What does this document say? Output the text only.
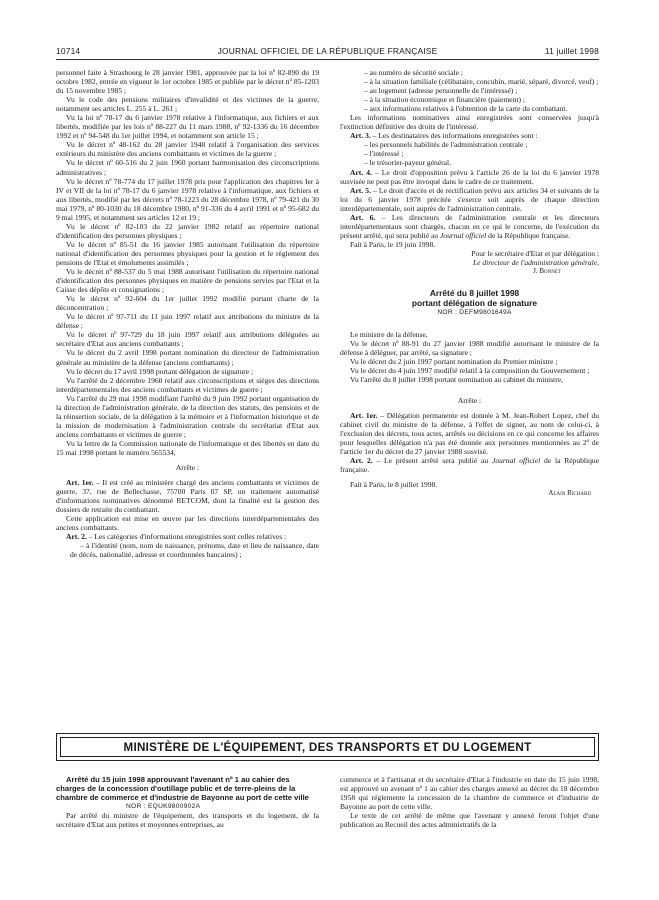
10714	JOURNAL OFFICIEL DE LA RÉPUBLIQUE FRANÇAISE	11 juillet 1998

personnel faite à Strasbourg le 28 janvier 1981, approuvée par la loi nº 82-890 du 19 octobre 1982, entrée en vigueur le 1er octobre 1985 et publiée par le décret nº 85-1203 du 15 novembre 1985 ;

Vu le code des pensions militaires d'invalidité et des victimes de la guerre, notamment ses articles L. 255 à L. 261 ;

Vu la loi nº 78-17 du 6 janvier 1978 relative à l'informatique, aux fichiers et aux libertés, modifiée par les lois nº 88-227 du 11 mars 1988, nº 92-1336 du 16 décembre 1992 et nº 94-548 du 1er juillet 1994, et notamment son article 15 ;

Vu le décret nº 48-162 du 28 janvier 1948 relatif à l'organisation des services extérieurs du ministère des anciens combattants et victimes de la guerre ;

Vu le décret nº 60-516 du 2 juin 1960 portant harmonisation des circonscriptions administratives ;

Vu le décret nº 78-774 du 17 juillet 1978 pris pour l'application des chapitres Ier à IV et VII de la loi nº 78-17 du 6 janvier 1978 relative à l'informatique, aux fichiers et aux libertés, modifié par les décrets nº 78-1223 du 28 décembre 1978, nº 79-421 du 30 mai 1979, nº 80-1030 du 18 décembre 1980, nº 91-336 du 4 avril 1991 et nº 95-682 du 9 mai 1995, et notamment ses articles 12 et 19 ;

Vu le décret nº 82-103 du 22 janvier 1982 relatif au répertoire national d'identification des personnes physiques ;

Vu le décret nº 85-51 du 16 janvier 1985 autorisant l'utilisation du répertoire national d'identification des personnes physiques pour la gestion et le règlement des pensions de l'Etat et émoluments assimilés ;

Vu le décret nº 88-537 du 5 mai 1988 autorisant l'utilisation du répertoire national d'identification des personnes physiques en matière de pensions servies par l'Etat et la Caisse des dépôts et consignations ;

Vu le décret nº 92-604 du 1er juillet 1992 modifié portant charte de la déconcentration ;

Vu le décret nº 97-711 du 11 juin 1997 relatif aux attributions du ministre de la défense ;

Vu le décret nº 97-729 du 18 juin 1997 relatif aux attributions déléguées au secrétaire d'Etat aux anciens combattants ;

Vu le décret du 2 avril 1998 portant nomination du directeur de l'administration générale au ministère de la défense (anciens combattants) ;

Vu le décret du 17 avril 1998 portant délégation de signature ;

Vu l'arrêté du 2 décembre 1960 relatif aux circonscriptions et sièges des directions interdépartementales des anciens combattants et victimes de guerre ;

Vu l'arrêté du 29 mai 1998 modifiant l'arrêté du 9 juin 1992 portant organisation de la direction de l'administration générale, de la direction des statuts, des pensions et de la réinsertion sociale, de la délégation à la mémoire et à l'information historique et de la mission de modernisation à l'administration centrale du secrétariat d'Etat aux anciens combattants et victimes de guerre ;

Vu la lettre de la Commission nationale de l'informatique et des libertés en date du 15 mai 1998 portant le numéro 565534,

Arrête :

Art. 1er. – Il est créé au ministère chargé des anciens combattants et victimes de guerre, 37, rue de Bellechasse, 75700 Paris 07 SP, un traitement automatisé d'informations nominatives dénommé RETCOM, dont la finalité est la gestion des dossiers de retraite du combattant.

Cette application est mise en œuvre par les directions interdépartementales des anciens combattants.

Art. 2. – Les catégories d'informations enregistrées sont celles relatives :

– à l'identité (nom, nom de naissance, prénoms, date et lieu de naissance, date de décès, nationalité, adresse et coordonnées bancaires) ;

– au numéro de sécurité sociale ;

– à la situation familiale (célibataire, concubin, marié, séparé, divorcé, veuf) ;

– au logement (adresse personnelle de l'intéressé) ;

– à la situation économique et financière (paiement) ;

– aux informations relatives à l'obtention de la carte du combattant.

Les informations nominatives ainsi enregistrées sont conservées jusqu'à l'extinction définitive des droits de l'intéressé.

Art. 3. – Les destinataires des informations enregistrées sont :

– les personnels habilités de l'administration centrale ;

– l'intéressé ;

– le trésorier-payeur général.

Art. 4. – Le droit d'opposition prévu à l'article 26 de la loi du 6 janvier 1978 susvisée ne peut pas être invoqué dans le cadre de ce traitement.

Art. 5. – Le droit d'accès et de rectification prévu aux articles 34 et suivants de la loi du 6 janvier 1978 précitée s'exerce soit auprès de chaque direction interdépartementale, soit auprès de l'administration centrale.

Art. 6. – Les directeurs de l'administration centrale et les directeurs interdépartementaux sont chargés, chacun en ce qui le concerne, de l'exécution du présent arrêté, qui sera publié au Journal officiel de la République française.

Fait à Paris, le 19 juin 1998.

Pour le secrétaire d'Etat et par délégation :

Le directeur de l'administration générale,

J. Bonnet

Arrêté du 8 juillet 1998

portant délégation de signature

NOR : DEFM9801649A

Le ministre de la défense,

Vu le décret nº 88-91 du 27 janvier 1988 modifié autorisant le ministre de la défense à déléguer, par arrêté, sa signature ;

Vu le décret du 2 juin 1997 portant nomination du Premier ministre ;

Vu le décret du 4 juin 1997 modifié relatif à la composition du Gouvernement ;

Vu l'arrêté du 8 juillet 1998 portant nomination au cabinet du ministre,

Arrête :

Art. 1er. – Délégation permanente est donnée à M. Jean-Robert Lopez, chef du cabinet civil du ministre de la défense, à l'effet de signer, au nom de celui-ci, à l'exclusion des décrets, tous actes, arrêtés ou décisions en ce qui concerne les affaires pour lesquelles délégation n'a pas été donnée aux personnes mentionnées au 2º de l'article 1er du décret du 27 janvier 1988 susvisé.

Art. 2. – Le présent arrêté sera publié au Journal officiel de la République française.

Fait à Paris, le 8 juillet 1998.

Alain Richard

MINISTÈRE DE L'ÉQUIPEMENT, DES TRANSPORTS ET DU LOGEMENT

Arrêté du 15 juin 1998 approuvant l'avenant nº 1 au cahier des charges de la concession d'outillage public et de terre-pleins de la chambre de commerce et d'industrie de Bayonne au port de cette ville

NOR : EQUK9800902A

Par arrêté du ministre de l'équipement, des transports et du logement, de la secrétaire d'Etat aux petites et moyennes entreprises, au

commerce et à l'artisanat et du secrétaire d'Etat à l'industrie en date du 15 juin 1998, est approuvé un avenant nº 1 au cahier des charges annexé au décret du 18 décembre 1958 qui réglemente la concession de la chambre de commerce et d'industrie de Bayonne au port de cette ville.

Le texte de cet arrêté de même que l'avenant y annexé feront l'objet d'une publication au Recueil des actes administratifs de la
